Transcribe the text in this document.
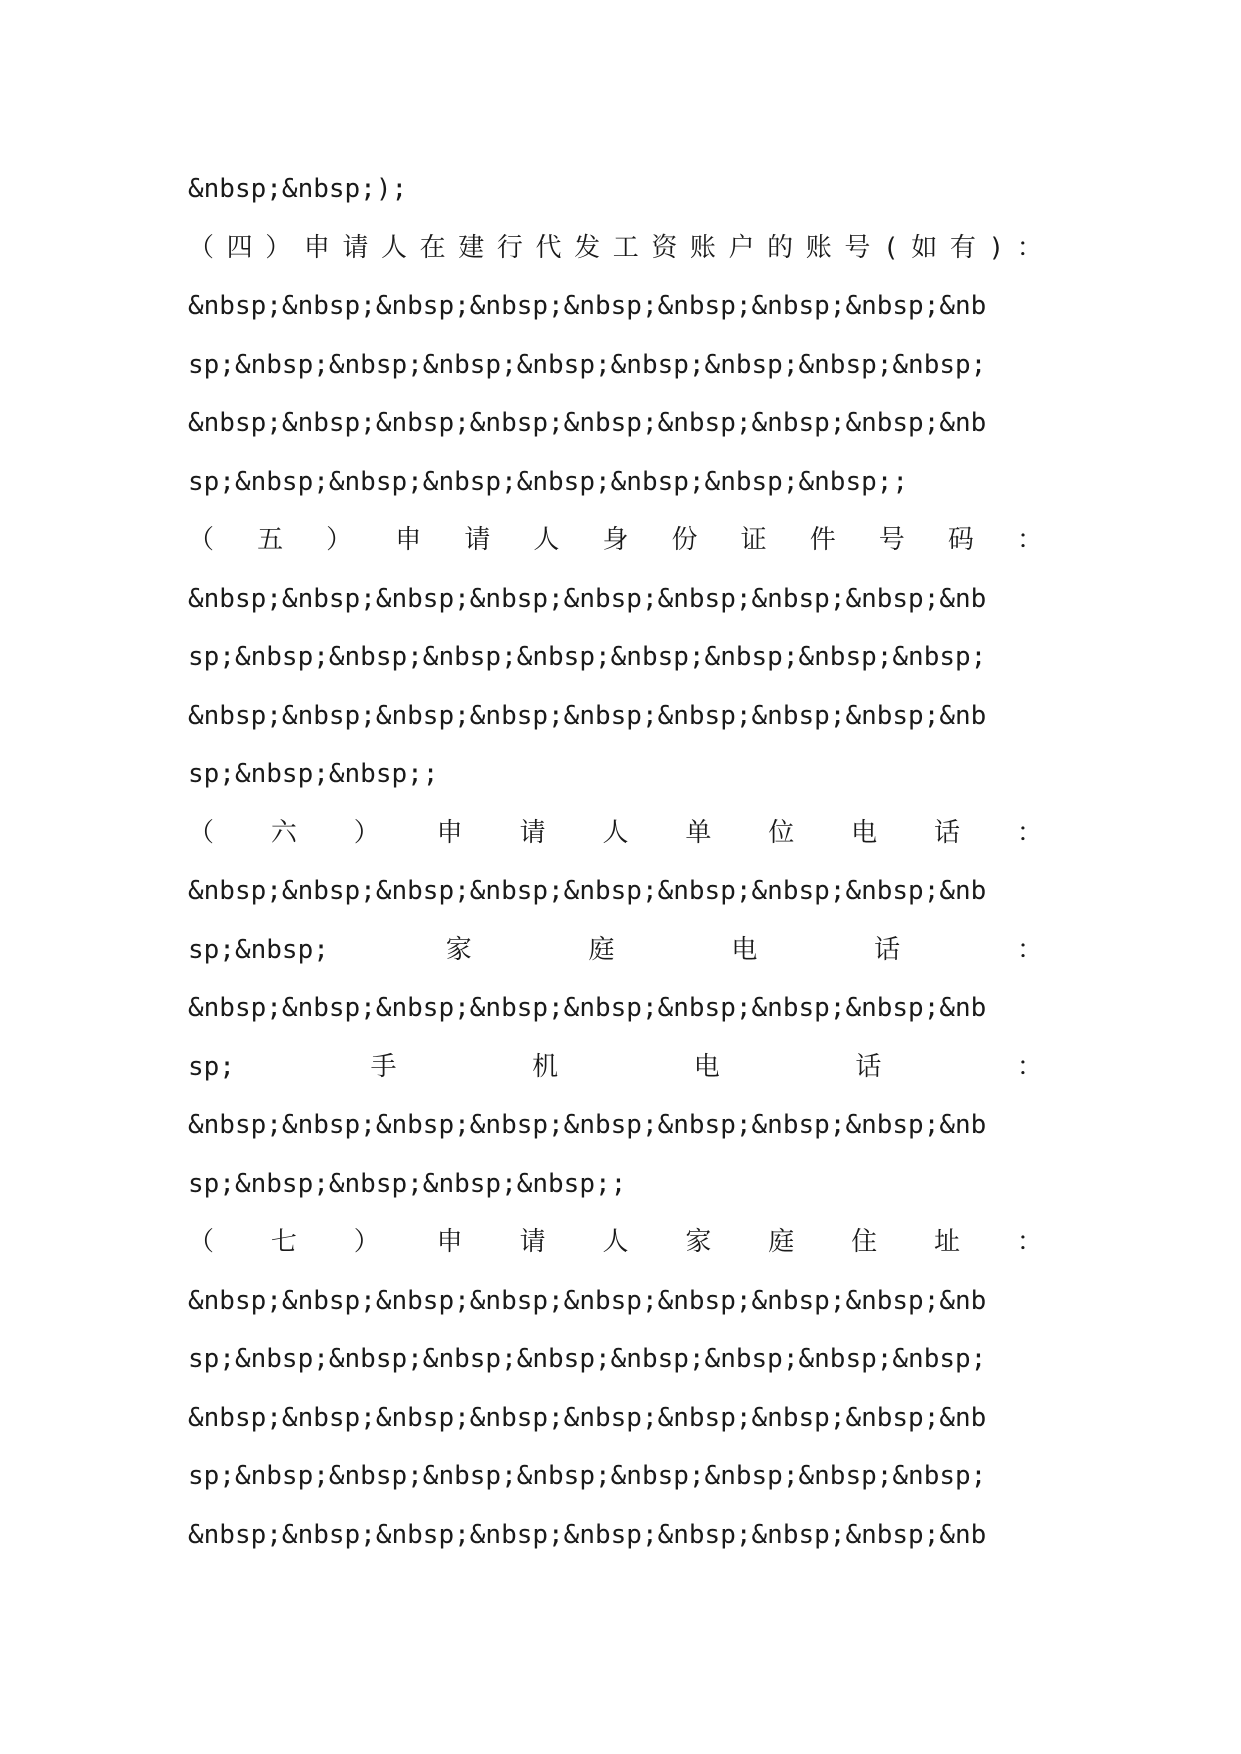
&nbsp;&nbsp;);
（ 四 ） 申 请 人 在 建 行 代 发 工 资 账 户 的 账 号 ( 如 有 ) ：
&nbsp;&nbsp;&nbsp;&nbsp;&nbsp;&nbsp;&nbsp;&nbsp;&nb
sp;&nbsp;&nbsp;&nbsp;&nbsp;&nbsp;&nbsp;&nbsp;&nbsp;
&nbsp;&nbsp;&nbsp;&nbsp;&nbsp;&nbsp;&nbsp;&nbsp;&nb
sp;&nbsp;&nbsp;&nbsp;&nbsp;&nbsp;&nbsp;&nbsp;;
（ 五 ） 申 请 人 身 份 证 件 号 码 ：
&nbsp;&nbsp;&nbsp;&nbsp;&nbsp;&nbsp;&nbsp;&nbsp;&nb
sp;&nbsp;&nbsp;&nbsp;&nbsp;&nbsp;&nbsp;&nbsp;&nbsp;
&nbsp;&nbsp;&nbsp;&nbsp;&nbsp;&nbsp;&nbsp;&nbsp;&nb
sp;&nbsp;&nbsp;;
（ 六 ） 申 请 人 单 位 电 话 ：
&nbsp;&nbsp;&nbsp;&nbsp;&nbsp;&nbsp;&nbsp;&nbsp;&nb
sp;&nbsp;	家	庭	电	话	：
&nbsp;&nbsp;&nbsp;&nbsp;&nbsp;&nbsp;&nbsp;&nbsp;&nb
sp;	手	机	电	话	：
&nbsp;&nbsp;&nbsp;&nbsp;&nbsp;&nbsp;&nbsp;&nbsp;&nb
sp;&nbsp;&nbsp;&nbsp;&nbsp;;
（ 七 ） 申 请 人 家 庭 住 址 ：
&nbsp;&nbsp;&nbsp;&nbsp;&nbsp;&nbsp;&nbsp;&nbsp;&nb
sp;&nbsp;&nbsp;&nbsp;&nbsp;&nbsp;&nbsp;&nbsp;&nbsp;
&nbsp;&nbsp;&nbsp;&nbsp;&nbsp;&nbsp;&nbsp;&nbsp;&nb
sp;&nbsp;&nbsp;&nbsp;&nbsp;&nbsp;&nbsp;&nbsp;&nbsp;
&nbsp;&nbsp;&nbsp;&nbsp;&nbsp;&nbsp;&nbsp;&nbsp;&nb
